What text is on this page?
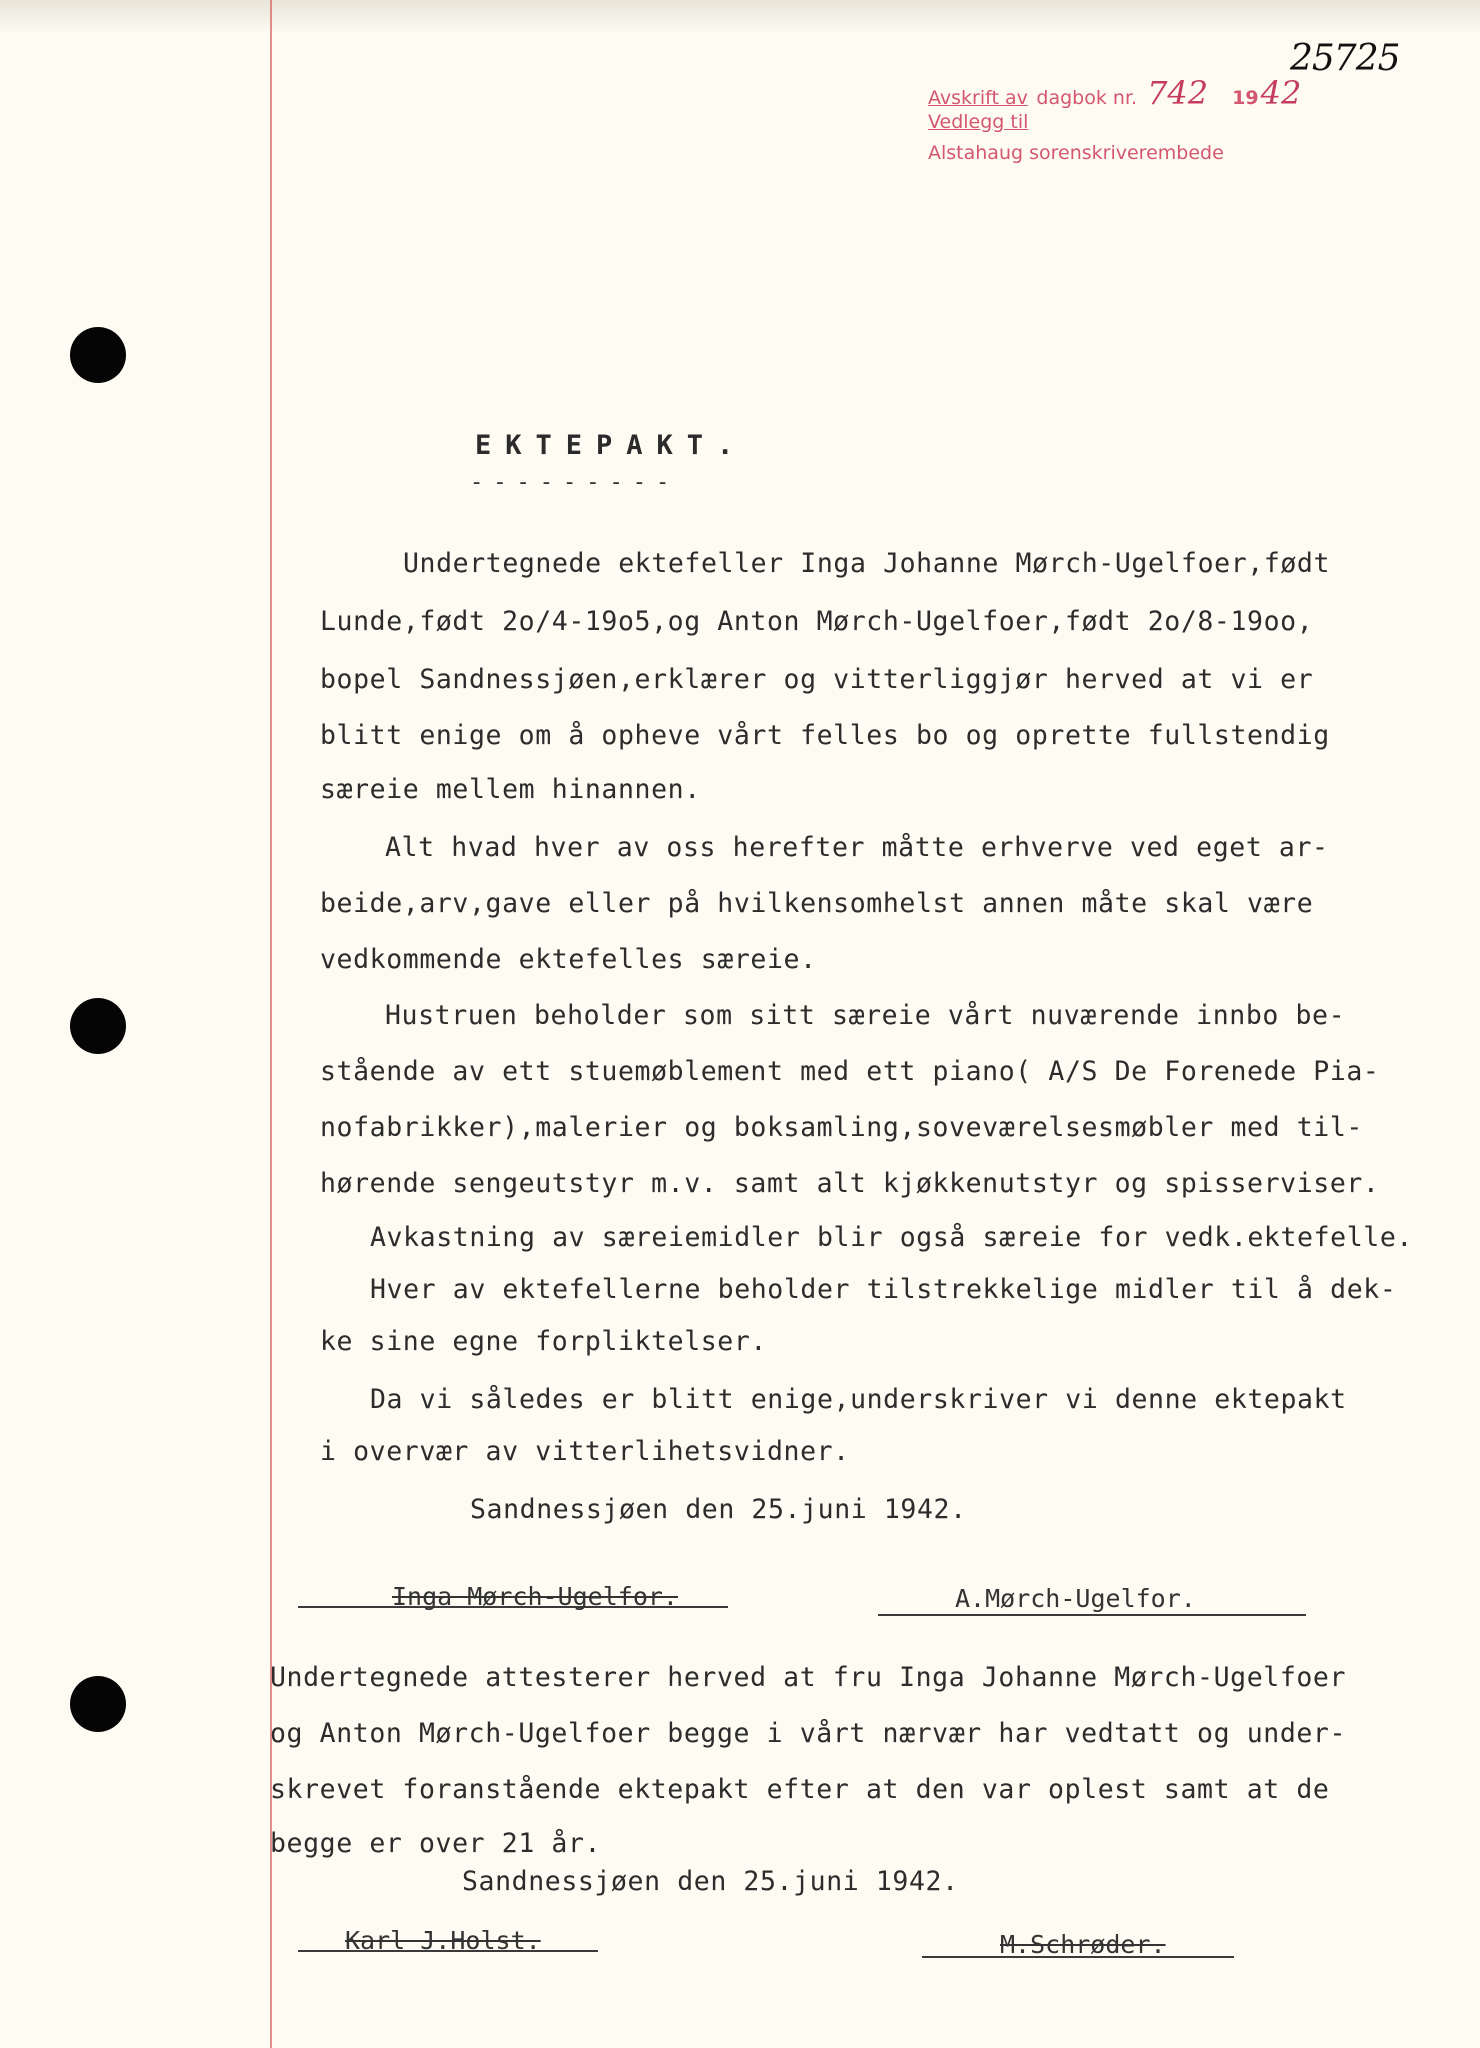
25725
Avskrift av
Vedlegg til
dagbok nr. 742 19 42
Alstahaug sorenskriverembede
EKTEPAKT.
---------
Undertegnede ektefeller Inga Johanne Mørch-Ugelfoer,født
Lunde,født 2o/4-19o5,og Anton Mørch-Ugelfoer,født 2o/8-19oo,
bopel Sandnessjøen,erklærer og vitterliggjør herved at vi er
blitt enige om å opheve vårt felles bo og oprette fullstendig
særeie mellem hinannen.
Alt hvad hver av oss herefter måtte erhverve ved eget ar-
beide,arv,gave eller på hvilkensomhelst annen måte skal være
vedkommende ektefelles særeie.
Hustruen beholder som sitt særeie vårt nuværende innbo be-
stående av ett stuemøblement med ett piano( A/S De Forenede Pia-
nofabrikker),malerier og boksamling,soveværelsesmøbler med til-
hørende sengeutstyr m.v. samt alt kjøkkenutstyr og spisserviser.
Avkastning av særeiemidler blir også særeie for vedk.ektefelle.
Hver av ektefellerne beholder tilstrekkelige midler til å dek-
ke sine egne forpliktelser.
Da vi således er blitt enige,underskriver vi denne ektepakt
i overvær av vitterlihetsvidner.
Sandnessjøen den 25.juni 1942.
Inga Mørch-Ugelfor.	A.Mørch-Ugelfor.
Undertegnede attesterer herved at fru Inga Johanne Mørch-Ugelfoer
og Anton Mørch-Ugelfoer begge i vårt nærvær har vedtatt og under-
skrevet foranstående ektepakt efter at den var oplest samt at de
begge er over 21 år.
Sandnessjøen den 25.juni 1942.
Karl J.Holst.	M.Schrøder.
